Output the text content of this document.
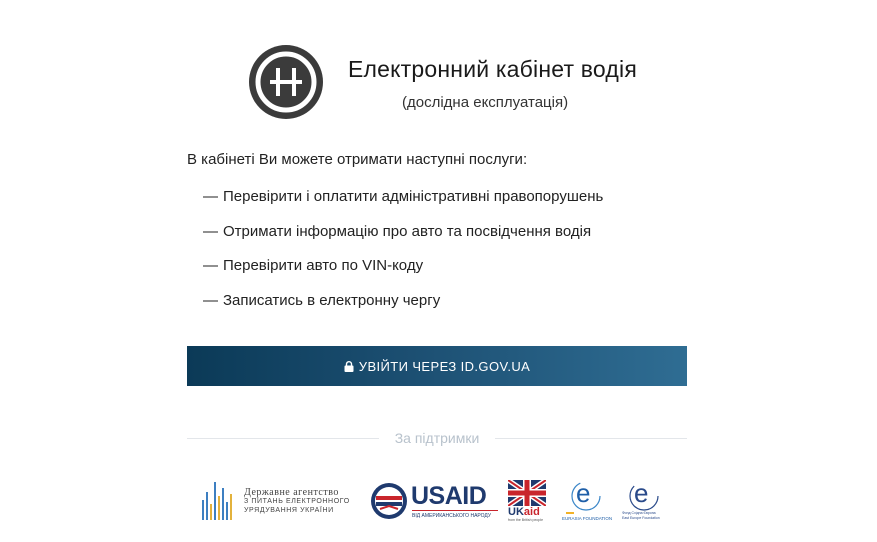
Електронний кабінет водія
(дослідна експлуатація)
В кабінеті Ви можете отримати наступні послуги:
— Перевірити і оплатити адміністративні правопорушень
— Отримати інформацію про авто та посвідчення водія
— Перевірити авто по VIN-коду
— Записатись в електронну чергу
УВІЙТИ ЧЕРЕЗ ID.GOV.UA
За підтримки
Державне агентство
З ПИТАНЬ ЕЛЕКТРОННОГО
УРЯДУВАННЯ УКРАЇНИ
USAID
ВІД АМЕРИКАНСЬКОГО НАРОДУ UKaid
from the British people
e
EURASIA FOUNDATION
e
Фонд Східна Європа
East Europe Foundation
